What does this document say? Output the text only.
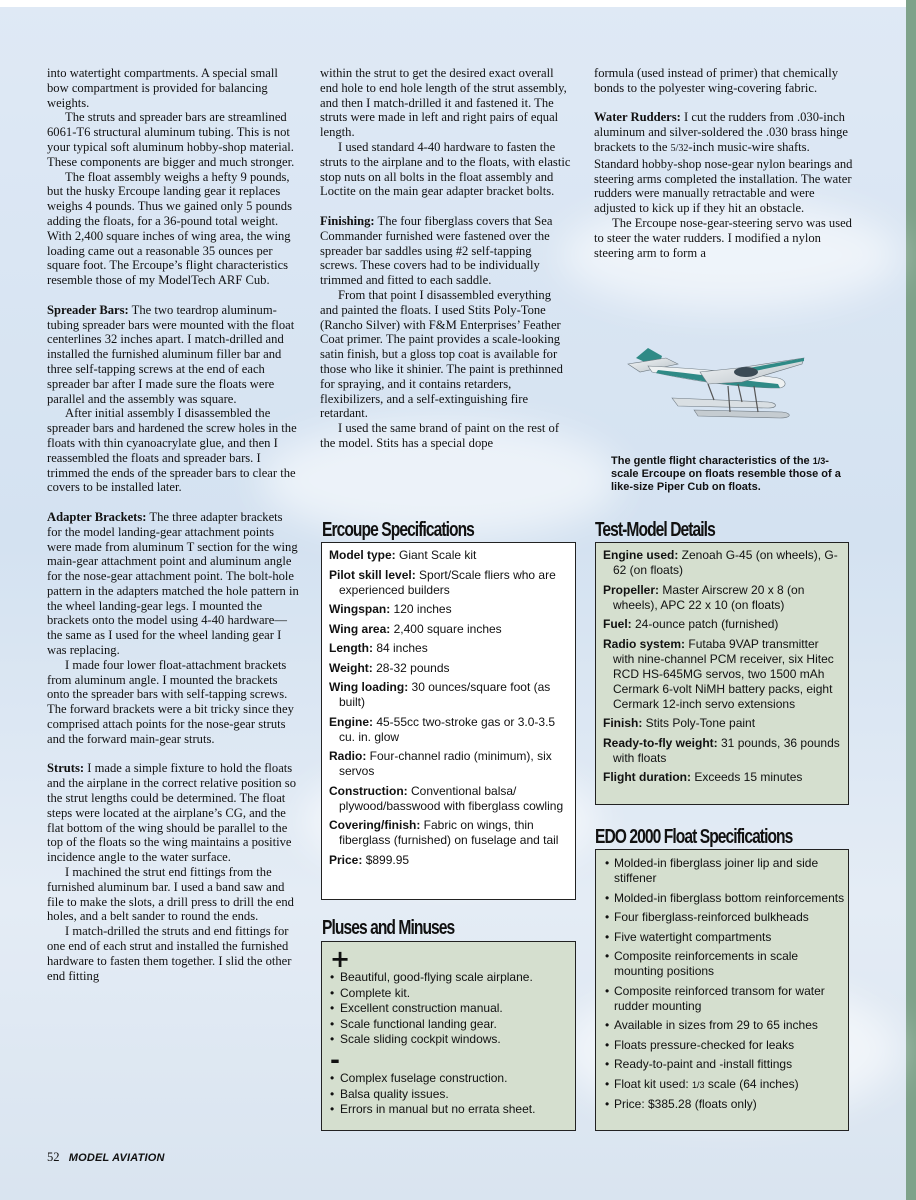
into watertight compartments. A special small bow compartment is provided for balancing weights.

The struts and spreader bars are streamlined 6061-T6 structural aluminum tubing. This is not your typical soft aluminum hobby-shop material. These components are bigger and much stronger.

The float assembly weighs a hefty 9 pounds, but the husky Ercoupe landing gear it replaces weighs 4 pounds. Thus we gained only 5 pounds adding the floats, for a 36-pound total weight. With 2,400 square inches of wing area, the wing loading came out a reasonable 35 ounces per square foot. The Ercoupe’s flight characteristics resemble those of my ModelTech ARF Cub.

Spreader Bars: The two teardrop aluminum-tubing spreader bars were mounted with the float centerlines 32 inches apart. I match-drilled and installed the furnished aluminum filler bar and three self-tapping screws at the end of each spreader bar after I made sure the floats were parallel and the assembly was square.

After initial assembly I disassembled the spreader bars and hardened the screw holes in the floats with thin cyanoacrylate glue, and then I reassembled the floats and spreader bars. I trimmed the ends of the spreader bars to clear the covers to be installed later.

Adapter Brackets: The three adapter brackets for the model landing-gear attachment points were made from aluminum T section for the wing main-gear attachment point and aluminum angle for the nose-gear attachment point. The bolt-hole pattern in the adapters matched the hole pattern in the wheel landing-gear legs. I mounted the brackets onto the model using 4-40 hardware—the same as I used for the wheel landing gear I was replacing.

I made four lower float-attachment brackets from aluminum angle. I mounted the brackets onto the spreader bars with self-tapping screws. The forward brackets were a bit tricky since they comprised attach points for the nose-gear struts and the forward main-gear struts.

Struts: I made a simple fixture to hold the floats and the airplane in the correct relative position so the strut lengths could be determined. The float steps were located at the airplane’s CG, and the flat bottom of the wing should be parallel to the top of the floats so the wing maintains a positive incidence angle to the water surface.

I machined the strut end fittings from the furnished aluminum bar. I used a band saw and file to make the slots, a drill press to drill the end holes, and a belt sander to round the ends.

I match-drilled the struts and end fittings for one end of each strut and installed the furnished hardware to fasten them together. I slid the other end fitting

within the strut to get the desired exact overall end hole to end hole length of the strut assembly, and then I match-drilled it and fastened it. The struts were made in left and right pairs of equal length.

I used standard 4-40 hardware to fasten the struts to the airplane and to the floats, with elastic stop nuts on all bolts in the float assembly and Loctite on the main gear adapter bracket bolts.

Finishing: The four fiberglass covers that Sea Commander furnished were fastened over the spreader bar saddles using #2 self-tapping screws. These covers had to be individually trimmed and fitted to each saddle.

From that point I disassembled everything and painted the floats. I used Stits Poly-Tone (Rancho Silver) with F&M Enterprises’ Feather Coat primer. The paint provides a scale-looking satin finish, but a gloss top coat is available for those who like it shinier. The paint is prethinned for spraying, and it contains retarders, flexibilizers, and a self-extinguishing fire retardant.

I used the same brand of paint on the rest of the model. Stits has a special dope

formula (used instead of primer) that chemically bonds to the polyester wing-covering fabric.

Water Rudders: I cut the rudders from .030-inch aluminum and silver-soldered the .030 brass hinge brackets to the 5/32-inch music-wire shafts. Standard hobby-shop nose-gear nylon bearings and steering arms completed the installation. The water rudders were manually retractable and were adjusted to kick up if they hit an obstacle.

The Ercoupe nose-gear-steering servo was used to steer the water rudders. I modified a nylon steering arm to form a

The gentle flight characteristics of the 1/3-scale Ercoupe on floats resemble those of a like-size Piper Cub on floats.
Ercoupe Specifications
Model type: Giant Scale kit
Pilot skill level: Sport/Scale fliers who are experienced builders
Wingspan: 120 inches
Wing area: 2,400 square inches
Length: 84 inches
Weight: 28-32 pounds
Wing loading: 30 ounces/square foot (as built)
Engine: 45-55cc two-stroke gas or 3.0-3.5 cu. in. glow
Radio: Four-channel radio (minimum), six servos
Construction: Conventional balsa/ plywood/basswood with fiberglass cowling
Covering/finish: Fabric on wings, thin fiberglass (furnished) on fuselage and tail
Price: $899.95
Pluses and Minuses
+
• Beautiful, good-flying scale airplane.
• Complete kit.
• Excellent construction manual.
• Scale functional landing gear.
• Scale sliding cockpit windows.
-
• Complex fuselage construction.
• Balsa quality issues.
• Errors in manual but no errata sheet.
Test-Model Details
Engine used: Zenoah G-45 (on wheels), G-62 (on floats)
Propeller: Master Airscrew 20 x 8 (on wheels), APC 22 x 10 (on floats)
Fuel: 24-ounce patch (furnished)
Radio system: Futaba 9VAP transmitter with nine-channel PCM receiver, six Hitec RCD HS-645MG servos, two 1500 mAh Cermark 6-volt NiMH battery packs, eight Cermark 12-inch servo extensions
Finish: Stits Poly-Tone paint
Ready-to-fly weight: 31 pounds, 36 pounds with floats
Flight duration: Exceeds 15 minutes
EDO 2000 Float Specifications
• Molded-in fiberglass joiner lip and side stiffener
• Molded-in fiberglass bottom reinforcements
• Four fiberglass-reinforced bulkheads
• Five watertight compartments
• Composite reinforcements in scale mounting positions
• Composite reinforced transom for water rudder mounting
• Available in sizes from 29 to 65 inches
• Floats pressure-checked for leaks
• Ready-to-paint and -install fittings
• Float kit used: 1/3 scale (64 inches)
• Price: $385.28 (floats only)
52 MODEL AVIATION
